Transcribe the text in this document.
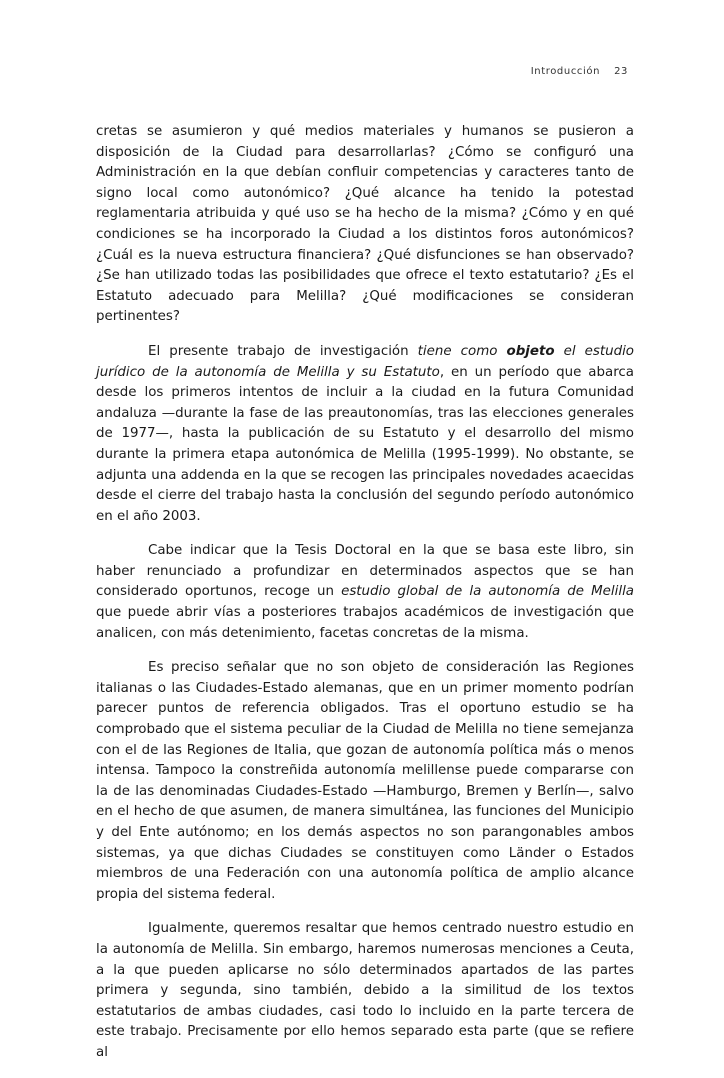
Introducción 23

cretas se asumieron y qué medios materiales y humanos se pusieron a disposición de la Ciudad para desarrollarlas? ¿Cómo se configuró una Administración en la que debían confluir competencias y caracteres tanto de signo local como autonómico? ¿Qué alcance ha tenido la potestad reglamentaria atribuida y qué uso se ha hecho de la misma? ¿Cómo y en qué condiciones se ha incorporado la Ciudad a los distintos foros autonómicos? ¿Cuál es la nueva estructura financiera? ¿Qué disfunciones se han observado? ¿Se han utilizado todas las posibilidades que ofrece el texto estatutario? ¿Es el Estatuto adecuado para Melilla? ¿Qué modificaciones se consideran pertinentes?

El presente trabajo de investigación tiene como objeto el estudio jurídico de la autonomía de Melilla y su Estatuto, en un período que abarca desde los primeros intentos de incluir a la ciudad en la futura Comunidad andaluza —durante la fase de las preautonomías, tras las elecciones generales de 1977—, hasta la publicación de su Estatuto y el desarrollo del mismo durante la primera etapa autonómica de Melilla (1995-1999). No obstante, se adjunta una addenda en la que se recogen las principales novedades acaecidas desde el cierre del trabajo hasta la conclusión del segundo período autonómico en el año 2003.

Cabe indicar que la Tesis Doctoral en la que se basa este libro, sin haber renunciado a profundizar en determinados aspectos que se han considerado oportunos, recoge un estudio global de la autonomía de Melilla que puede abrir vías a posteriores trabajos académicos de investigación que analicen, con más detenimiento, facetas concretas de la misma.

Es preciso señalar que no son objeto de consideración las Regiones italianas o las Ciudades-Estado alemanas, que en un primer momento podrían parecer puntos de referencia obligados. Tras el oportuno estudio se ha comprobado que el sistema peculiar de la Ciudad de Melilla no tiene semejanza con el de las Regiones de Italia, que gozan de autonomía política más o menos intensa. Tampoco la constreñida autonomía melillense puede compararse con la de las denominadas Ciudades-Estado —Hamburgo, Bremen y Berlín—, salvo en el hecho de que asumen, de manera simultánea, las funciones del Municipio y del Ente autónomo; en los demás aspectos no son parangonables ambos sistemas, ya que dichas Ciudades se constituyen como Länder o Estados miembros de una Federación con una autonomía política de amplio alcance propia del sistema federal.

Igualmente, queremos resaltar que hemos centrado nuestro estudio en la autonomía de Melilla. Sin embargo, haremos numerosas menciones a Ceuta, a la que pueden aplicarse no sólo determinados apartados de las partes primera y segunda, sino también, debido a la similitud de los textos estatutarios de ambas ciudades, casi todo lo incluido en la parte tercera de este trabajo. Precisamente por ello hemos separado esta parte (que se refiere al
